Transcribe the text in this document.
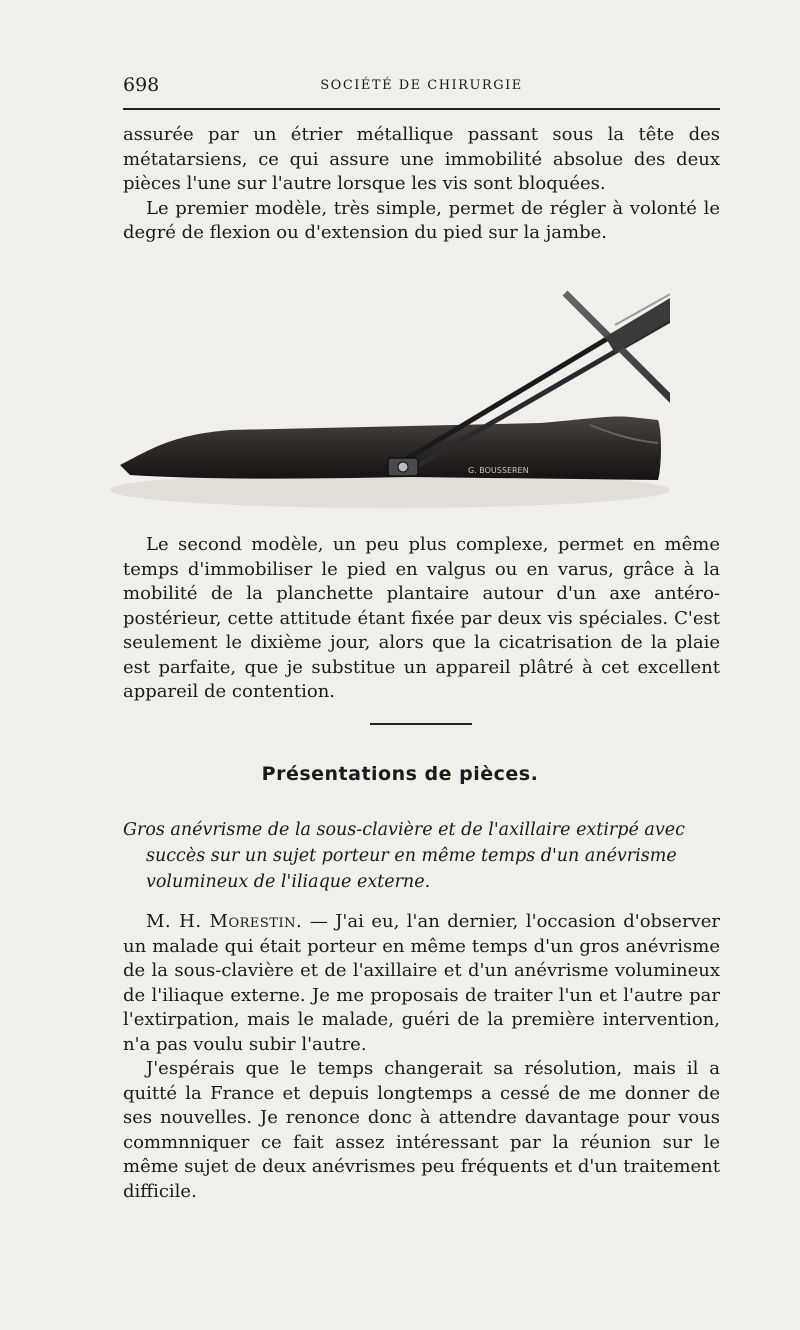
698	SOCIÉTÉ DE CHIRURGIE

assurée par un étrier métallique passant sous la tête des métatarsiens, ce qui assure une immobilité absolue des deux pièces l'une sur l'autre lorsque les vis sont bloquées.

Le premier modèle, très simple, permet de régler à volonté le degré de flexion ou d'extension du pied sur la jambe.

G. BOUSSEREN

Le second modèle, un peu plus complexe, permet en même temps d'immobiliser le pied en valgus ou en varus, grâce à la mobilité de la planchette plantaire autour d'un axe antéro-postérieur, cette attitude étant fixée par deux vis spéciales. C'est seulement le dixième jour, alors que la cicatrisation de la plaie est parfaite, que je substitue un appareil plâtré à cet excellent appareil de contention.

Présentations de pièces.
Gros anévrisme de la sous-clavière et de l'axillaire extirpé avec
succès sur un sujet porteur en même temps d'un anévrisme volumineux de l'iliaque externe.

M. H. Morestin. — J'ai eu, l'an dernier, l'occasion d'observer un malade qui était porteur en même temps d'un gros anévrisme de la sous-clavière et de l'axillaire et d'un anévrisme volumineux de l'iliaque externe. Je me proposais de traiter l'un et l'autre par l'extirpation, mais le malade, guéri de la première intervention, n'a pas voulu subir l'autre.

J'espérais que le temps changerait sa résolution, mais il a quitté la France et depuis longtemps a cessé de me donner de ses nouvelles. Je renonce donc à attendre davantage pour vous commnniquer ce fait assez intéressant par la réunion sur le même sujet de deux anévrismes peu fréquents et d'un traitement difficile.
